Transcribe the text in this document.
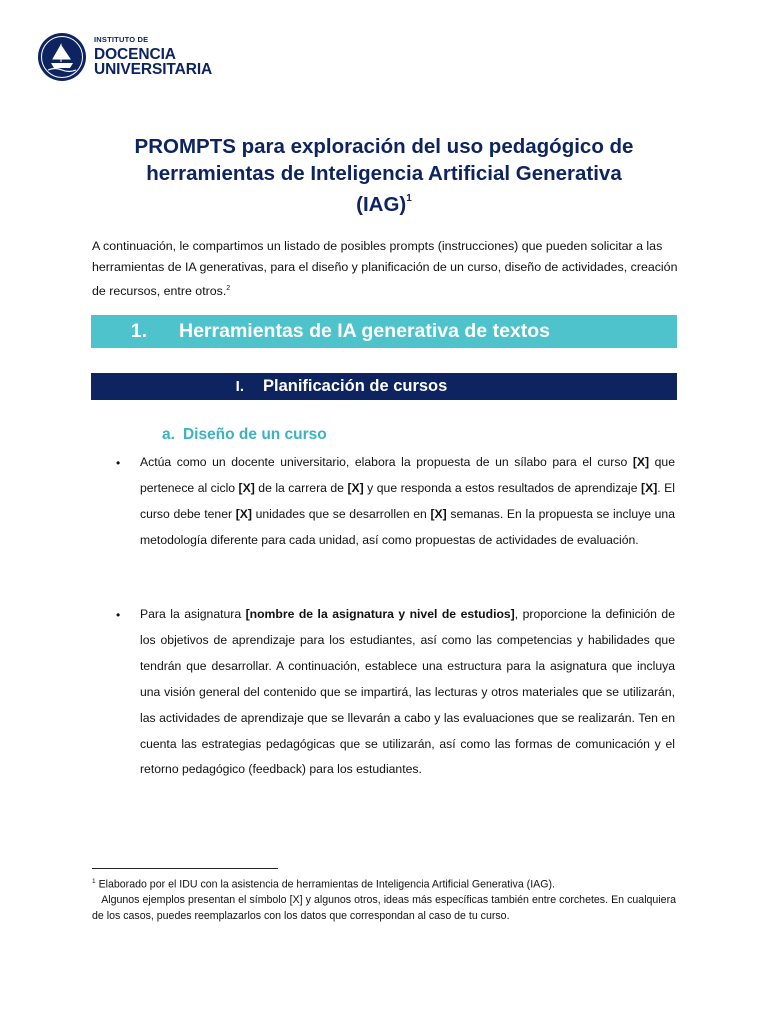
INSTITUTO DE
DOCENCIA
UNIVERSITARIA
PROMPTS para exploración del uso pedagógico de
herramientas de Inteligencia Artificial Generativa
(IAG)$^1$

A continuación, le compartimos un listado de posibles prompts (instrucciones) que pueden solicitar a las herramientas de IA generativas, para el diseño y planificación de un curso, diseño de actividades, creación de recursos, entre otros.$^2$

1.	Herramientas de IA generativa de textos
I.	Planificación de cursos
a. Diseño de un curso
• Actúa como un docente universitario, elabora la propuesta de un sílabo para el curso [X] que pertenece al ciclo [X] de la carrera de [X] y que responda a estos resultados de aprendizaje [X]. El curso debe tener [X] unidades que se desarrollen en [X] semanas. En la propuesta se incluye una metodología diferente para cada unidad, así como propuestas de actividades de evaluación.

• Para la asignatura [nombre de la asignatura y nivel de estudios], proporcione la definición de los objetivos de aprendizaje para los estudiantes, así como las competencias y habilidades que tendrán que desarrollar. A continuación, establece una estructura para la asignatura que incluya una visión general del contenido que se impartirá, las lecturas y otros materiales que se utilizarán, las actividades de aprendizaje que se llevarán a cabo y las evaluaciones que se realizarán. Ten en cuenta las estrategias pedagógicas que se utilizarán, así como las formas de comunicación y el retorno pedagógico (feedback) para los estudiantes.

$^1$ Elaborado por el IDU con la asistencia de herramientas de Inteligencia Artificial Generativa (IAG).

Algunos ejemplos presentan el símbolo [X] y algunos otros, ideas más específicas también entre corchetes. En cualquiera de los casos, puedes reemplazarlos con los datos que correspondan al caso de tu curso.
